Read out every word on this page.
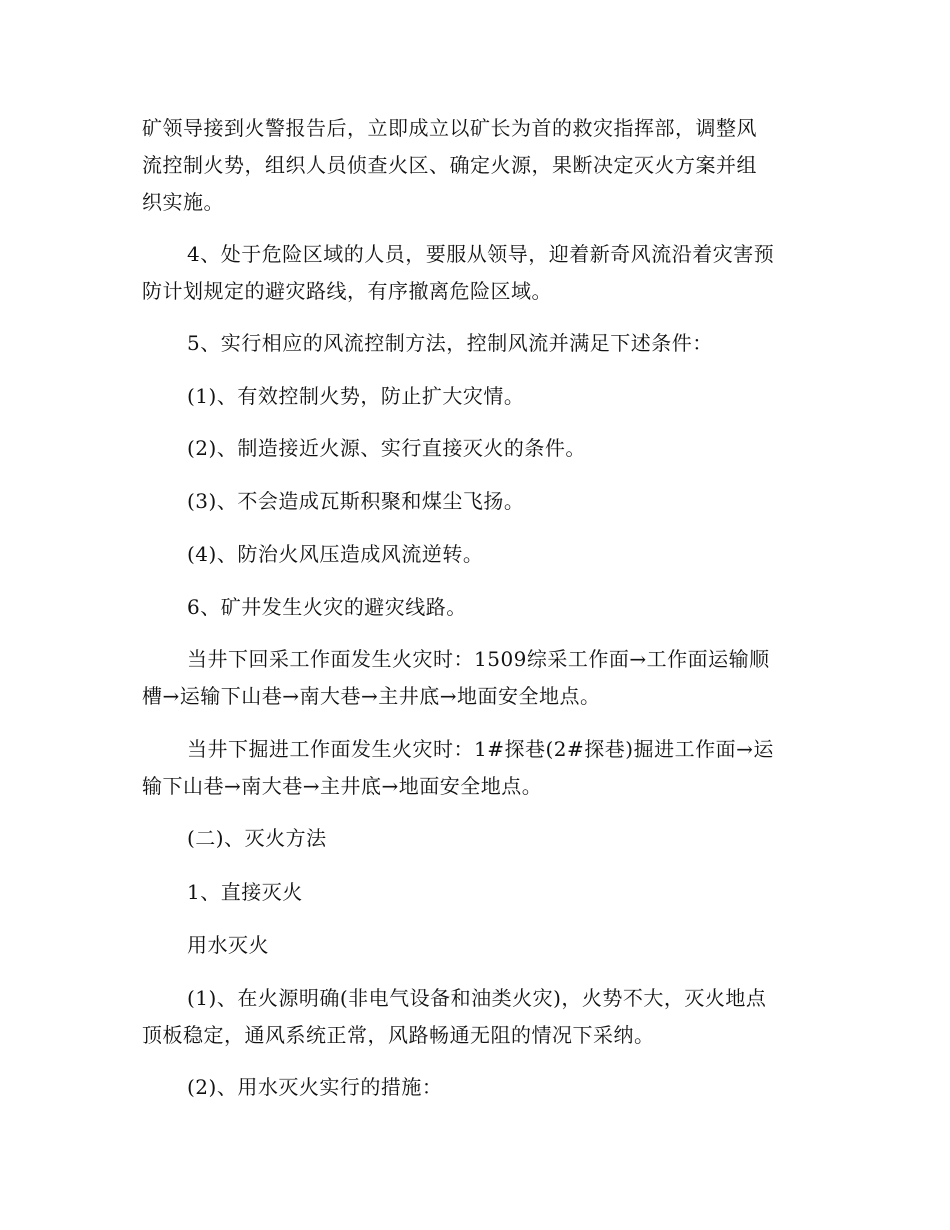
矿领导接到火警报告后，立即成立以矿长为首的救灾指挥部，调整风
流控制火势，组织人员侦查火区、确定火源，果断决定灭火方案并组
织实施。
4、处于危险区域的人员，要服从领导，迎着新奇风流沿着灾害预
防计划规定的避灾路线，有序撤离危险区域。
5、实行相应的风流控制方法，控制风流并满足下述条件：
(1)、有效控制火势，防止扩大灾情。
(2)、制造接近火源、实行直接灭火的条件。
(3)、不会造成瓦斯积聚和煤尘飞扬。
(4)、防治火风压造成风流逆转。
6、矿井发生火灾的避灾线路。
当井下回采工作面发生火灾时：1509综采工作面→工作面运输顺
槽→运输下山巷→南大巷→主井底→地面安全地点。
当井下掘进工作面发生火灾时：1#探巷(2#探巷)掘进工作面→运
输下山巷→南大巷→主井底→地面安全地点。
(二)、灭火方法
1、直接灭火
用水灭火
(1)、在火源明确(非电气设备和油类火灾)，火势不大，灭火地点
顶板稳定，通风系统正常，风路畅通无阻的情况下采纳。
(2)、用水灭火实行的措施：
